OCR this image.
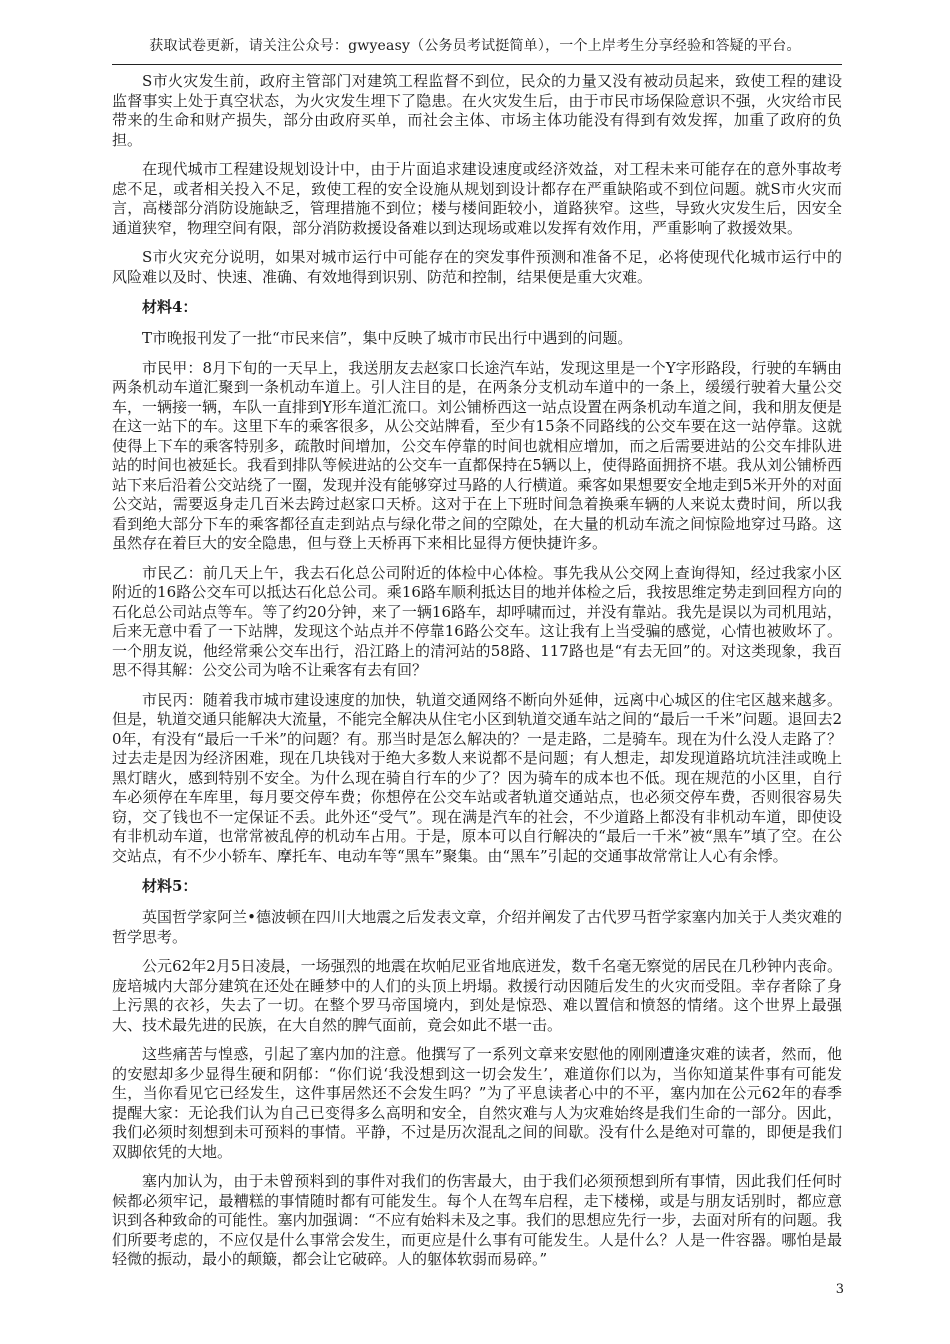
获取试卷更新，请关注公众号：gwyeasy（公务员考试挺简单），一个上岸考生分享经验和答疑的平台。

S市火灾发生前，政府主管部门对建筑工程监督不到位，民众的力量又没有被动员起来，致使工程的建设监督事实上处于真空状态，为火灾发生埋下了隐患。在火灾发生后，由于市民市场保险意识不强，火灾给市民带来的生命和财产损失，部分由政府买单，而社会主体、市场主体功能没有得到有效发挥，加重了政府的负担。

在现代城市工程建设规划设计中，由于片面追求建设速度或经济效益，对工程未来可能存在的意外事故考虑不足，或者相关投入不足，致使工程的安全设施从规划到设计都存在严重缺陷或不到位问题。就S市火灾而言，高楼部分消防设施缺乏，管理措施不到位；楼与楼间距较小，道路狭窄。这些，导致火灾发生后，因安全通道狭窄，物理空间有限，部分消防救援设备难以到达现场或难以发挥有效作用，严重影响了救援效果。

S市火灾充分说明，如果对城市运行中可能存在的突发事件预测和准备不足，必将使现代化城市运行中的风险难以及时、快速、准确、有效地得到识别、防范和控制，结果便是重大灾难。

材料4：

T市晚报刊发了一批“市民来信”，集中反映了城市市民出行中遇到的问题。

市民甲：8月下旬的一天早上，我送朋友去赵家口长途汽车站，发现这里是一个Y字形路段，行驶的车辆由两条机动车道汇聚到一条机动车道上。引人注目的是，在两条分支机动车道中的一条上，缓缓行驶着大量公交车，一辆接一辆，车队一直排到Y形车道汇流口。刘公铺桥西这一站点设置在两条机动车道之间，我和朋友便是在这一站下的车。这里下车的乘客很多，从公交站牌看，至少有15条不同路线的公交车要在这一站停靠。这就使得上下车的乘客特别多，疏散时间增加，公交车停靠的时间也就相应增加，而之后需要进站的公交车排队进站的时间也被延长。我看到排队等候进站的公交车一直都保持在5辆以上，使得路面拥挤不堪。我从刘公铺桥西站下来后沿着公交站绕了一圈，发现并没有能够穿过马路的人行横道。乘客如果想要安全地走到5米开外的对面公交站，需要返身走几百米去跨过赵家口天桥。这对于在上下班时间急着换乘车辆的人来说太费时间，所以我看到绝大部分下车的乘客都径直走到站点与绿化带之间的空隙处，在大量的机动车流之间惊险地穿过马路。这虽然存在着巨大的安全隐患，但与登上天桥再下来相比显得方便快捷许多。

市民乙：前几天上午，我去石化总公司附近的体检中心体检。事先我从公交网上查询得知，经过我家小区附近的16路公交车可以抵达石化总公司。乘16路车顺利抵达目的地并体检之后，我按思维定势走到回程方向的石化总公司站点等车。等了约20分钟，来了一辆16路车，却呼啸而过，并没有靠站。我先是误以为司机甩站，后来无意中看了一下站牌，发现这个站点并不停靠16路公交车。这让我有上当受骗的感觉，心情也被败坏了。一个朋友说，他经常乘公交车出行，沿江路上的清河站的58路、117路也是“有去无回”的。对这类现象，我百思不得其解：公交公司为啥不让乘客有去有回？

市民丙：随着我市城市建设速度的加快，轨道交通网络不断向外延伸，远离中心城区的住宅区越来越多。但是，轨道交通只能解决大流量，不能完全解决从住宅小区到轨道交通车站之间的“最后一千米”问题。退回去20年，有没有“最后一千米”的问题？有。那当时是怎么解决的？一是走路，二是骑车。现在为什么没人走路了？过去走是因为经济困难，现在几块钱对于绝大多数人来说都不是问题；有人想走，却发现道路坑坑洼洼或晚上黑灯瞎火，感到特别不安全。为什么现在骑自行车的少了？因为骑车的成本也不低。现在规范的小区里，自行车必须停在车库里，每月要交停车费；你想停在公交车站或者轨道交通站点，也必须交停车费，否则很容易失窃，交了钱也不一定保证不丢。此外还“受气”。现在满是汽车的社会，不少道路上都没有非机动车道，即使设有非机动车道，也常常被乱停的机动车占用。于是，原本可以自行解决的“最后一千米”被“黑车”填了空。在公交站点，有不少小轿车、摩托车、电动车等“黑车”聚集。由“黑车”引起的交通事故常常让人心有余悸。

材料5：

英国哲学家阿兰•德波顿在四川大地震之后发表文章，介绍并阐发了古代罗马哲学家塞内加关于人类灾难的哲学思考。

公元62年2月5日凌晨，一场强烈的地震在坎帕尼亚省地底迸发，数千名毫无察觉的居民在几秒钟内丧命。庞培城内大部分建筑在还处在睡梦中的人们的头顶上坍塌。救援行动因随后发生的火灾而受阻。幸存者除了身上污黑的衣衫，失去了一切。在整个罗马帝国境内，到处是惊恐、难以置信和愤怒的情绪。这个世界上最强大、技术最先进的民族，在大自然的脾气面前，竟会如此不堪一击。

这些痛苦与惶惑，引起了塞内加的注意。他撰写了一系列文章来安慰他的刚刚遭逢灾难的读者，然而，他的安慰却多少显得生硬和阴郁：“你们说‘我没想到这一切会发生’，难道你们以为，当你知道某件事有可能发生，当你看见它已经发生，这件事居然还不会发生吗？”为了平息读者心中的不平，塞内加在公元62年的春季提醒大家：无论我们认为自己已变得多么高明和安全，自然灾难与人为灾难始终是我们生命的一部分。因此，我们必须时刻想到未可预料的事情。平静，不过是历次混乱之间的间歇。没有什么是绝对可靠的，即便是我们双脚依凭的大地。

塞内加认为，由于未曾预料到的事件对我们的伤害最大，由于我们必须预想到所有事情，因此我们任何时候都必须牢记，最糟糕的事情随时都有可能发生。每个人在驾车启程，走下楼梯，或是与朋友话别时，都应意识到各种致命的可能性。塞内加强调：“不应有始料未及之事。我们的思想应先行一步，去面对所有的问题。我们所要考虑的，不应仅是什么事常会发生，而更应是什么事有可能发生。人是什么？人是一件容器。哪怕是最轻微的振动，最小的颠簸，都会让它破碎。人的躯体软弱而易碎。”

3
